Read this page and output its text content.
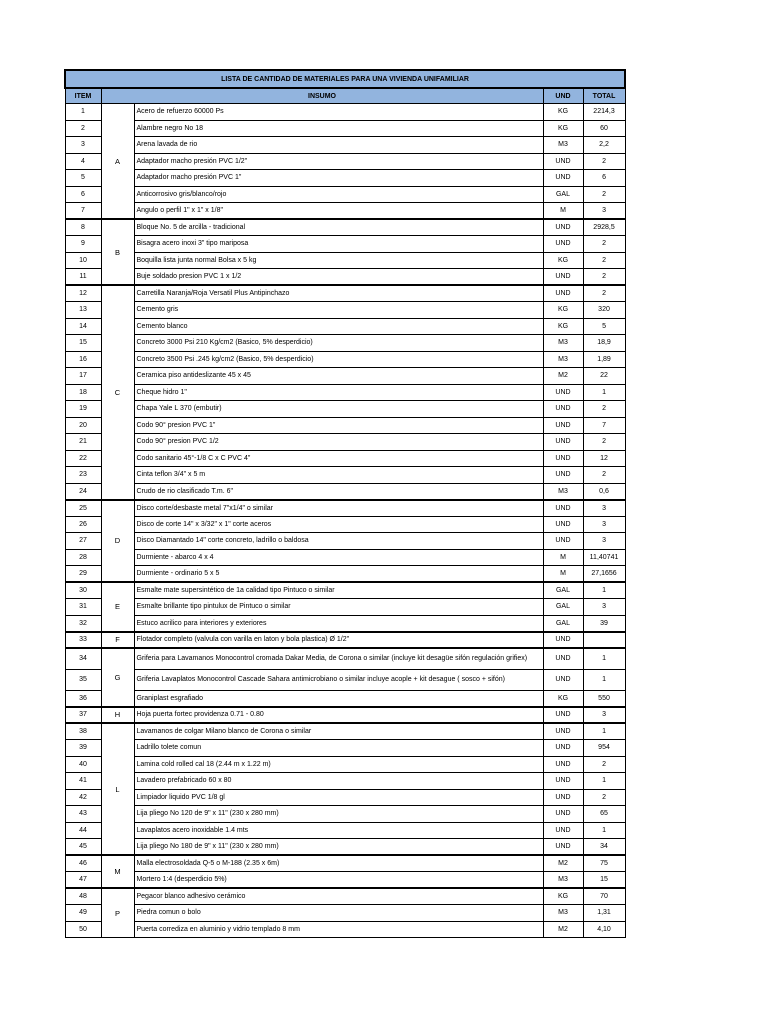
LISTA DE CANTIDAD DE MATERIALES PARA UNA VIVIENDA UNIFAMILIAR				
ITEM	INSUMO		UND	TOTAL
1	A	Acero de refuerzo 60000 Ps	KG	2214,3
2		Alambre negro No 18	KG	60
3		Arena lavada de rio	M3	2,2
4		Adaptador macho presión PVC 1/2"	UND	2
5		Adaptador macho presión PVC 1"	UND	6
6		Anticorrosivo gris/blanco/rojo	GAL	2
7		Angulo o perfil 1" x 1" x 1/8"	M	3
8	B	Bloque No. 5 de arcilla - tradicional	UND	2928,5
9		Bisagra acero inoxi 3" tipo mariposa	UND	2
10		Boquilla lista junta normal Bolsa x 5 kg	KG	2
11		Buje soldado presion PVC 1 x 1/2	UND	2
12	C	Carretilla Naranja/Roja Versatil Plus Antipinchazo	UND	2
13		Cemento gris	KG	320
14		Cemento blanco	KG	5
15		Concreto 3000 Psi 210 Kg/cm2 (Basico, 5% desperdicio)	M3	18,9
16		Concreto 3500 Psi .245 kg/cm2 (Basico, 5% desperdicio)	M3	1,89
17		Ceramica piso antideslizante 45 x 45	M2	22
18		Cheque hidro 1"	UND	1
19		Chapa Yale L 370 (embutir)	UND	2
20		Codo 90° presion PVC 1"	UND	7
21		Codo 90° presion PVC 1/2	UND	2
22		Codo sanitario 45°-1/8 C x C PVC 4"	UND	12
23		Cinta teflon 3/4" x 5 m	UND	2
24		Crudo de rio clasificado T.m. 6"	M3	0,6
25	D	Disco corte/desbaste metal 7"x1/4" o similar	UND	3
26		Disco de corte 14" x 3/32" x 1" corte aceros	UND	3
27		Disco Diamantado 14" corte concreto, ladrillo o baldosa	UND	3
28		Durmiente - abarco 4 x 4	M	11,40741
29		Durmiente - ordinario 5 x 5	M	27,1656
30	E	Esmalte mate supersintético de 1a calidad tipo Pintuco o similar	GAL	1
31		Esmalte brillante tipo pintulux de Pintuco o similar	GAL	3
32		Estuco acrilico para interiores y exteriores	GAL	39
33	F	Flotador completo (valvula con varilla en laton y bola plastica) Ø 1/2"	UND	
34	G	Griferia para Lavamanos Monocontrol cromada Dakar Media, de Corona o similar (incluye kit desagüe sifón regulación grifiex)	UND	1
35		Griferia Lavaplatos Monocontrol Cascade Sahara antimicrobiano o similar incluye acople + kit desague ( sosco + sifón)	UND	1
36		Graniplast esgrafiado	KG	550
37	H	Hoja puerta fortec providenza 0.71 - 0.80	UND	3
38	L	Lavamanos de colgar Milano blanco de Corona o similar	UND	1
39		Ladrillo tolete comun	UND	954
40		Lamina cold rolled cal 18 (2.44 m x 1.22 m)	UND	2
41		Lavadero prefabricado 60 x 80	UND	1
42		Limpiador liquido PVC 1/8 gl	UND	2
43		Lija pliego No 120 de 9" x 11" (230 x 280 mm)	UND	65
44		Lavaplatos acero inoxidable 1.4 mts	UND	1
45		Lija pliego No 180 de 9" x 11" (230 x 280 mm)	UND	34
46	M	Malla electrosoldada Q-5 o M-188 (2.35 x 6m)	M2	75
47		Mortero 1:4 (desperdicio 5%)	M3	15
48	P	Pegacor blanco adhesivo cerámico	KG	70
49		Piedra comun o bolo	M3	1,31
50		Puerta corrediza en aluminio y vidrio templado 8 mm	M2	4,10
